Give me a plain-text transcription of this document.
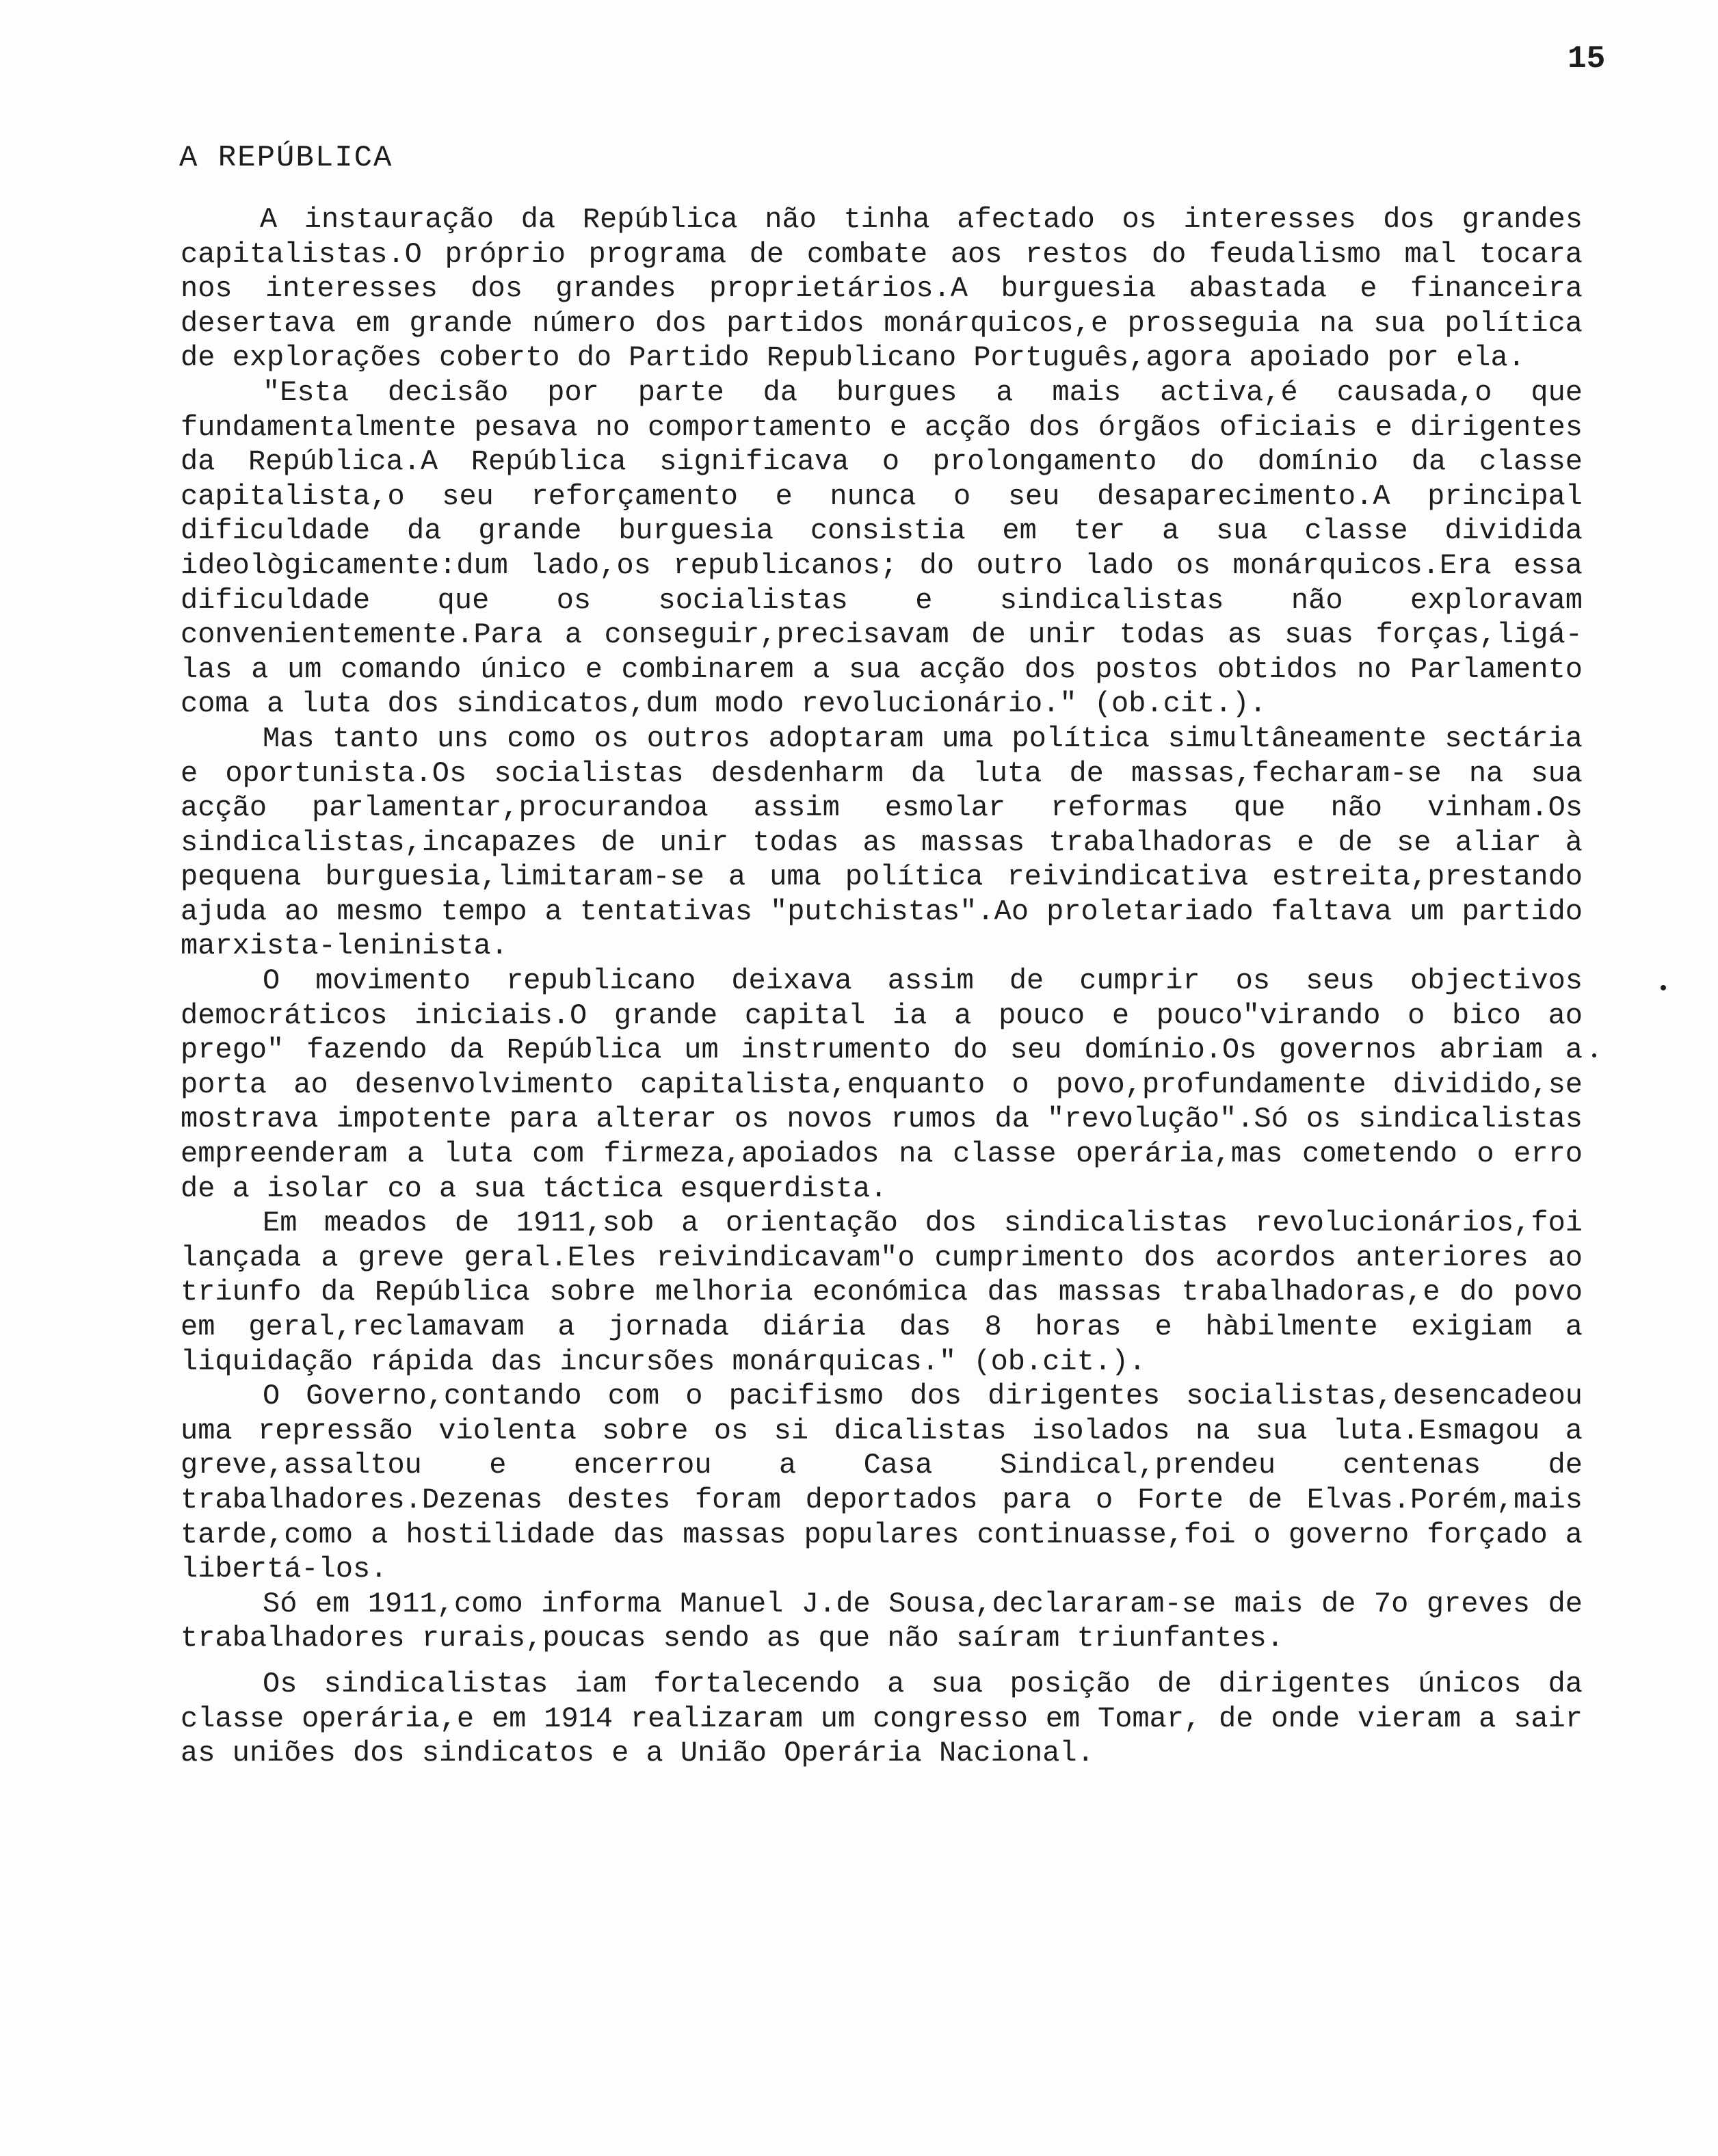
15
A REPÚBLICA

A instauração da República não tinha afectado os interesses dos grandes capitalistas.O próprio programa de combate aos restos do feudalismo mal tocara nos interesses dos grandes proprietários.A burguesia abastada e financeira desertava em grande número dos partidos monárquicos,e prosseguia na sua política de explorações coberto do Partido Republicano Português,agora apoiado por ela.

"Esta decisão por parte da burgues a mais activa,é causada,o que fundamentalmente pesava no comportamento e acção dos órgãos oficiais e dirigentes da República.A República significava o prolongamento do domínio da classe capitalista,o seu reforçamento e nunca o seu desaparecimento.A principal dificuldade da grande burguesia consistia em ter a sua classe dividida ideològicamente:dum lado,os republicanos; do outro lado os monárquicos.Era essa dificuldade que os socialistas e sindicalistas não exploravam convenientemente.Para a conseguir,precisavam de unir todas as suas forças,ligá-las a um comando único e combinarem a sua acção dos postos obtidos no Parlamento coma a luta dos sindicatos,dum modo revolucionário." (ob.cit.).

Mas tanto uns como os outros adoptaram uma política simultâneamente sectária e oportunista.Os socialistas desdenharm da luta de massas,fecharam-se na sua acção parlamentar,procurandoa assim esmolar reformas que não vinham.Os sindicalistas,incapazes de unir todas as massas trabalhadoras e de se aliar à pequena burguesia,limitaram-se a uma política reivindicativa estreita,prestando ajuda ao mesmo tempo a tentativas "putchistas".Ao proletariado faltava um partido marxista-leninista.

O movimento republicano deixava assim de cumprir os seus objectivos democráticos iniciais.O grande capital ia a pouco e pouco"virando o bico ao prego" fazendo da República um instrumento do seu domínio.Os governos abriam a porta ao desenvolvimento capitalista,enquanto o povo,profundamente dividido,se mostrava impotente para alterar os novos rumos da "revolução".Só os sindicalistas empreenderam a luta com firmeza,apoiados na classe operária,mas cometendo o erro de a isolar co a sua táctica esquerdista.

Em meados de 1911,sob a orientação dos sindicalistas revolucionários,foi lançada a greve geral.Eles reivindicavam"o cumprimento dos acordos anteriores ao triunfo da República sobre melhoria económica das massas trabalhadoras,e do povo em geral,reclamavam a jornada diária das 8 horas e hàbilmente exigiam a liquidação rápida das incursões monárquicas." (ob.cit.).

O Governo,contando com o pacifismo dos dirigentes socialistas,desencadeou uma repressão violenta sobre os si dicalistas isolados na sua luta.Esmagou a greve,assaltou e encerrou a Casa Sindical,prendeu centenas de trabalhadores.Dezenas destes foram deportados para o Forte de Elvas.Porém,mais tarde,como a hostilidade das massas populares continuasse,foi o governo forçado a libertá-los.

Só em 1911,como informa Manuel J.de Sousa,declararam-se mais de 7o greves de trabalhadores rurais,poucas sendo as que não saíram triunfantes.

Os sindicalistas iam fortalecendo a sua posição de dirigentes únicos da classe operária,e em 1914 realizaram um congresso em Tomar, de onde vieram a sair as uniões dos sindicatos e a União Operária Nacional.
